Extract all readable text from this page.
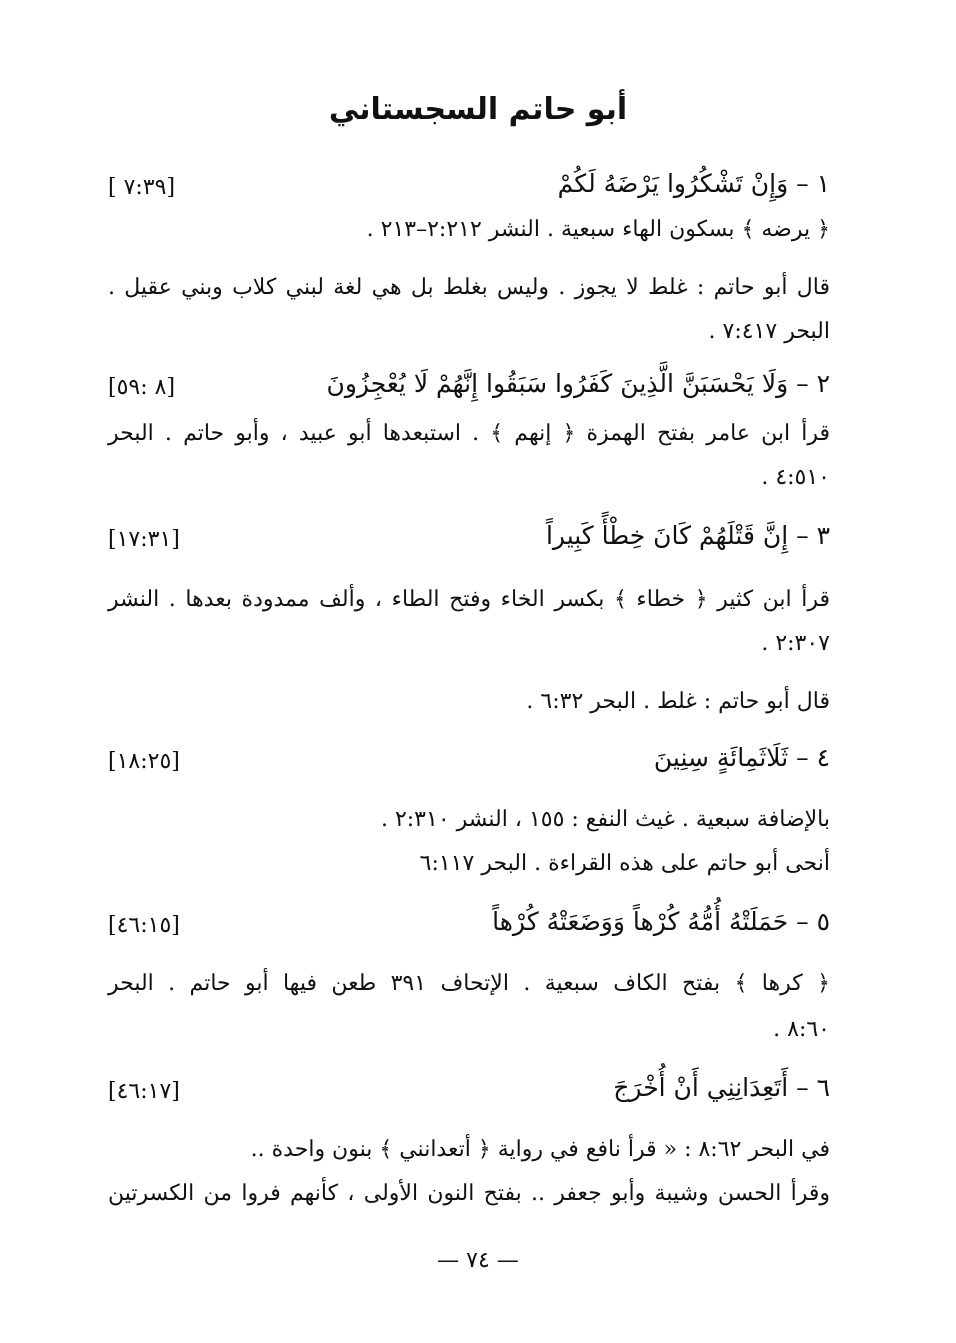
أبو حاتم السجستاني
١ – وَإِنْ تَشْكُرُوا يَرْضَهُ لَكُمْ
[ ٧:٣٩]
﴿ يرضه ﴾ بسكون الهاء سبعية . النشر ٢:٢١٢–٢١٣ .
قال أبو حاتم : غلط لا يجوز . وليس بغلط بل هي لغة لبني كلاب وبني عقيل .
البحر ٧:٤١٧ .
٢ – وَلَا يَحْسَبَنَّ الَّذِينَ كَفَرُوا سَبَقُوا إِنَّهُمْ لَا يُعْجِزُونَ
[٨ :٥٩]
قرأ ابن عامر بفتح الهمزة ﴿ إنهم ﴾ . استبعدها أبو عبيد ، وأبو حاتم . البحر
٤:٥١٠ .
٣ – إِنَّ قَتْلَهُمْ كَانَ خِطْأً كَبِيراً
[١٧:٣١]
قرأ ابن كثير ﴿ خطاء ﴾ بكسر الخاء وفتح الطاء ، وألف ممدودة بعدها . النشر
٢:٣٠٧ .
قال أبو حاتم : غلط . البحر ٦:٣٢ .
٤ – ثَلَاثَمِائَةٍ سِنِينَ
[١٨:٢٥]
بالإضافة سبعية . غيث النفع : ١٥٥ ، النشر ٢:٣١٠ .
أنحى أبو حاتم على هذه القراءة . البحر ٦:١١٧
٥ – حَمَلَتْهُ أُمُّهُ كُرْهاً وَوَضَعَتْهُ كُرْهاً
[٤٦:١٥]
﴿ كرها ﴾ بفتح الكاف سبعية . الإتحاف ٣٩١ طعن فيها أبو حاتم . البحر
٨:٦٠ .
٦ – أَتَعِدَانِنِي أَنْ أُخْرَجَ
[٤٦:١٧]
في البحر ٨:٦٢ : « قرأ نافع في رواية ﴿ أتعدانني ﴾ بنون واحدة ..
وقرأ الحسن وشيبة وأبو جعفر .. بفتح النون الأولى ، كأنهم فروا من الكسرتين
— ٧٤ —
